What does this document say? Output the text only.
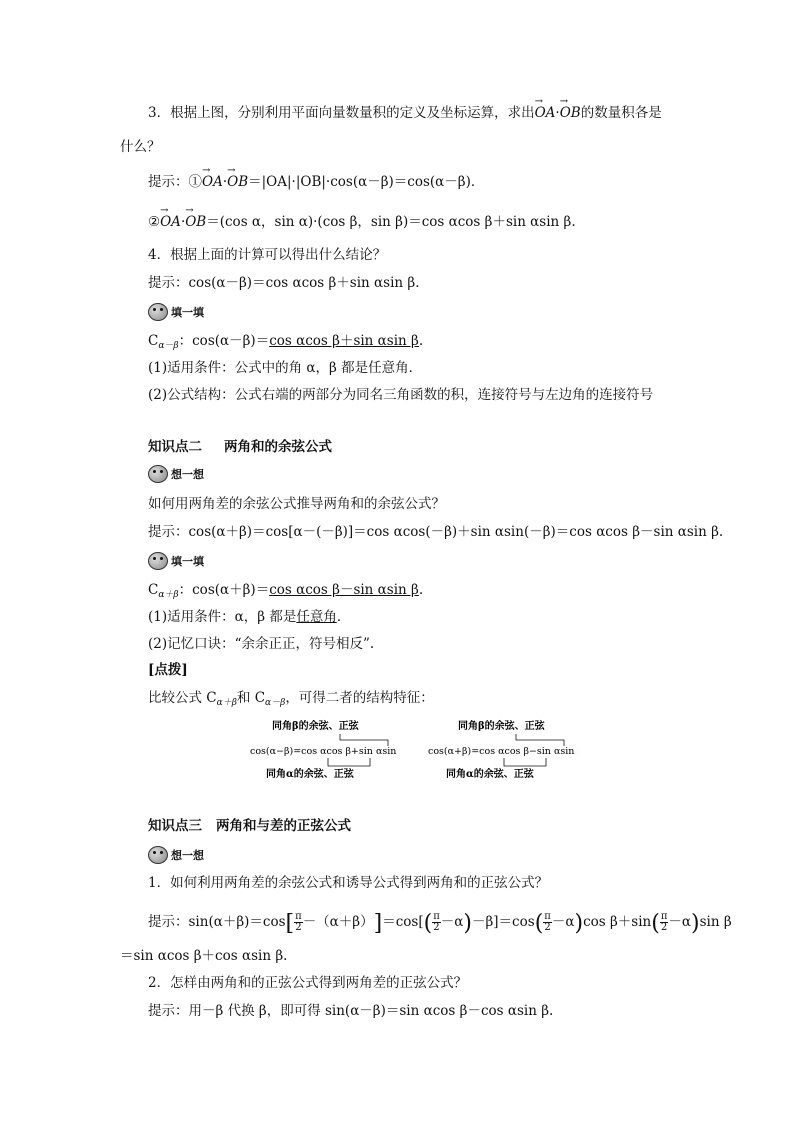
3．根据上图，分别利用平面向量数量积的定义及坐标运算，求出→ OA·→ OB的数量积各是
什么？
提示：①→ OA·→ OB＝|OA|·|OB|·cos(α－β)＝cos(α－β)．
②→ OA·→ OB＝(cos α，sin α)·(cos β，sin β)＝cos αcos β＋sin αsin β.
4．根据上面的计算可以得出什么结论？
提示：cos(α－β)＝cos αcos β＋sin αsin β.
填一填
$C_{\alpha-\beta}$：cos(α－β)＝cos αcos β＋sin αsin β.
(1)适用条件：公式中的角 α，β 都是任意角．
(2)公式结构：公式右端的两部分为同名三角函数的积，连接符号与左边角的连接符号
知识点二 两角和的余弦公式
想一想
如何用两角差的余弦公式推导两角和的余弦公式？
提示：cos(α＋β)＝cos[α－(－β)]＝cos αcos(－β)＋sin αsin(－β)＝cos αcos β－sin αsin β.
填一填
$C_{\alpha+\beta}$：cos(α＋β)＝cos αcos β－sin αsin β.
(1)适用条件：α，β 都是任意角．
(2)记忆口诀：“余余正正，符号相反”.
[点拨]
比较公式 $C_{\alpha+\beta}$和 $C_{\alpha-\beta}$，可得二者的结构特征：
同角β的余弦、正弦
cos(α−β)=cos αcos β+sin αsin β
同角α的余弦、正弦
同角β的余弦、正弦
cos(α+β)=cos αcos β−sin αsin β
同角α的余弦、正弦
知识点三 两角和与差的正弦公式
想一想
1．如何利用两角差的余弦公式和诱导公式得到两角和的正弦公式？
提示：$\sin(\alpha+\beta)=\cos[ \frac{\pi}{2} -(\alpha+\beta)]=\cos[( \frac{\pi}{2} -\alpha)-\beta]=\cos( \frac{\pi}{2} -\alpha)\cos$ $\beta+\sin( \frac{\pi}{2} -\alpha)\sin$ β
＝sin αcos β＋cos αsin β.
2．怎样由两角和的正弦公式得到两角差的正弦公式？
提示：用－β 代换 β，即可得 sin(α－β)＝sin αcos β－cos αsin β.
